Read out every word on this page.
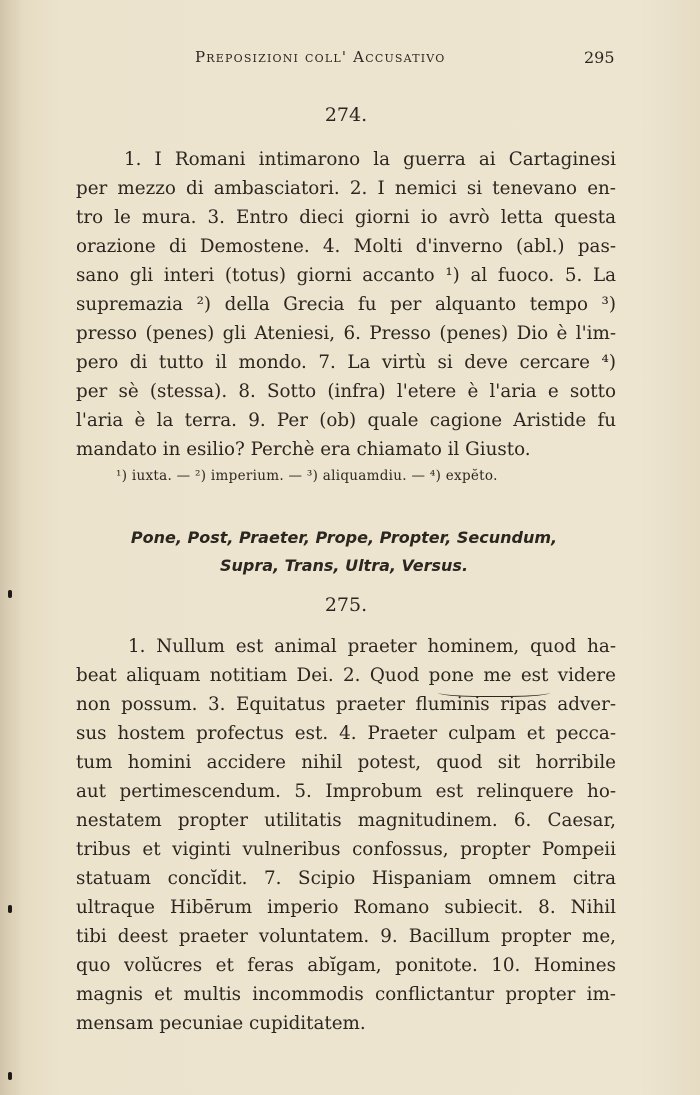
Preposizioni coll' Accusativo	295
274.
1. I Romani intimarono la guerra ai Cartaginesi
per mezzo di ambasciatori. 2. I nemici si tenevano en-
tro le mura. 3. Entro dieci giorni io avrò letta questa
orazione di Demostene. 4. Molti d'inverno (abl.) pas-
sano gli interi (totus) giorni accanto ¹) al fuoco. 5. La
supremazia ²) della Grecia fu per alquanto tempo ³)
presso (penes) gli Ateniesi, 6. Presso (penes) Dio è l'im-
pero di tutto il mondo. 7. La virtù si deve cercare ⁴)
per sè (stessa). 8. Sotto (infra) l'etere è l'aria e sotto
l'aria è la terra. 9. Per (ob) quale cagione Aristide fu
mandato in esilio? Perchè era chiamato il Giusto.
¹) iuxta. — ²) imperium. — ³) aliquamdiu. — ⁴) expĕto.
Pone, Post, Praeter, Prope, Propter, Secundum,
Supra, Trans, Ultra, Versus.
275.
1. Nullum est animal praeter hominem, quod ha-
beat aliquam notitiam Dei. 2. Quod pone me est videre
non possum. 3. Equitatus praeter fluminis ripas adver-
sus hostem profectus est. 4. Praeter culpam et pecca-
tum homini accidere nihil potest, quod sit horribile
aut pertimescendum. 5. Improbum est relinquere ho-
nestatem propter utilitatis magnitudinem. 6. Caesar,
tribus et viginti vulneribus confossus, propter Pompeii
statuam concĭdit. 7. Scipio Hispaniam omnem citra
ultraque Hibērum imperio Romano subiecit. 8. Nihil
tibi deest praeter voluntatem. 9. Bacillum propter me,
quo volŭcres et feras abĭgam, ponitote. 10. Homines
magnis et multis incommodis conflictantur propter im-
mensam pecuniae cupiditatem.
